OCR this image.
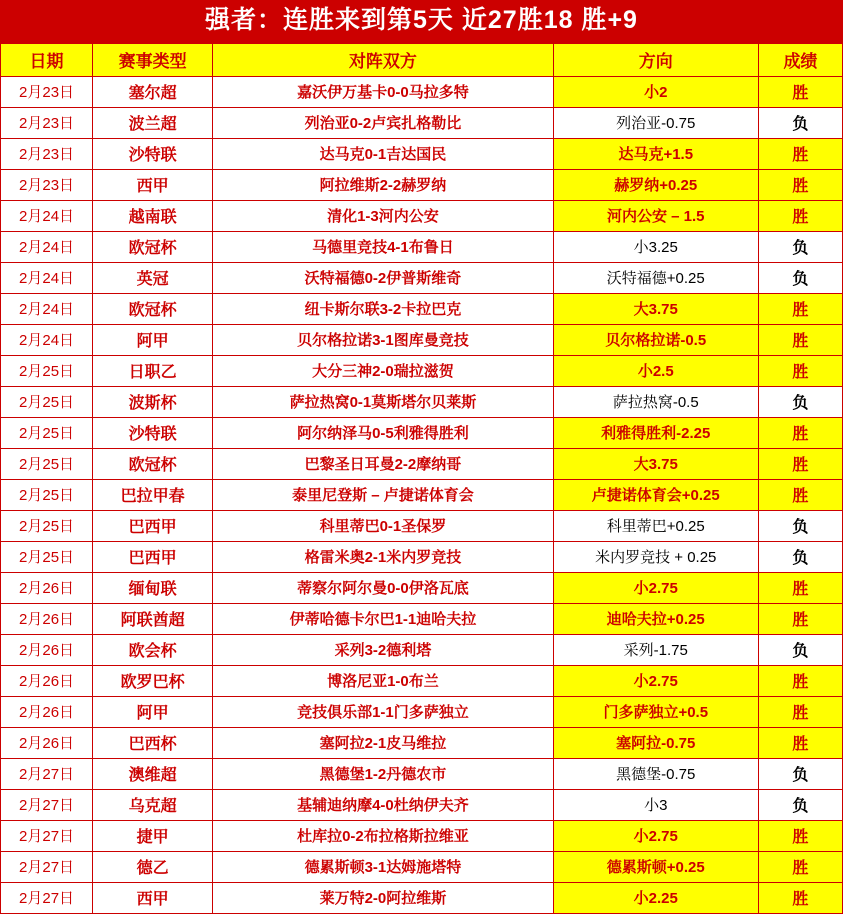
强者：连胜来到第5天 近27胜18 胜+9
日期	赛事类型	对阵双方	方向	成绩
2月23日	塞尔超	嘉沃伊万基卡0-0马拉多特	小2	胜
2月23日	波兰超	列治亚0-2卢宾扎格勒比	列治亚-0.75	负
2月23日	沙特联	达马克0-1吉达国民	达马克+1.5	胜
2月23日	西甲	阿拉维斯2-2赫罗纳	赫罗纳+0.25	胜
2月24日	越南联	清化1-3河内公安	河内公安 – 1.5	胜
2月24日	欧冠杯	马德里竞技4-1布鲁日	小3.25	负
2月24日	英冠	沃特福德0-2伊普斯维奇	沃特福德+0.25	负
2月24日	欧冠杯	纽卡斯尔联3-2卡拉巴克	大3.75	胜
2月24日	阿甲	贝尔格拉诺3-1图库曼竞技	贝尔格拉诺-0.5	胜
2月25日	日职乙	大分三神2-0瑞拉滋贺	小2.5	胜
2月25日	波斯杯	萨拉热窝0-1莫斯塔尔贝莱斯	萨拉热窝-0.5	负
2月25日	沙特联	阿尔纳泽马0-5利雅得胜利	利雅得胜利-2.25	胜
2月25日	欧冠杯	巴黎圣日耳曼2-2摩纳哥	大3.75	胜
2月25日	巴拉甲春	泰里尼登斯 – 卢捷诺体育会	卢捷诺体育会+0.25	胜
2月25日	巴西甲	科里蒂巴0-1圣保罗	科里蒂巴+0.25	负
2月25日	巴西甲	格雷米奥2-1米内罗竞技	米内罗竞技 + 0.25	负
2月26日	缅甸联	蒂察尔阿尔曼0-0伊洛瓦底	小2.75	胜
2月26日	阿联酋超	伊蒂哈德卡尔巴1-1迪哈夫拉	迪哈夫拉+0.25	胜
2月26日	欧会杯	采列3-2德利塔	采列-1.75	负
2月26日	欧罗巴杯	博洛尼亚1-0布兰	小2.75	胜
2月26日	阿甲	竞技俱乐部1-1门多萨独立	门多萨独立+0.5	胜
2月26日	巴西杯	塞阿拉2-1皮马维拉	塞阿拉-0.75	胜
2月27日	澳维超	黑德堡1-2丹德农市	黑德堡-0.75	负
2月27日	乌克超	基辅迪纳摩4-0杜纳伊夫齐	小3	负
2月27日	捷甲	杜库拉0-2布拉格斯拉维亚	小2.75	胜
2月27日	德乙	德累斯顿3-1达姆施塔特	德累斯顿+0.25	胜
2月27日	西甲	莱万特2-0阿拉维斯	小2.25	胜
